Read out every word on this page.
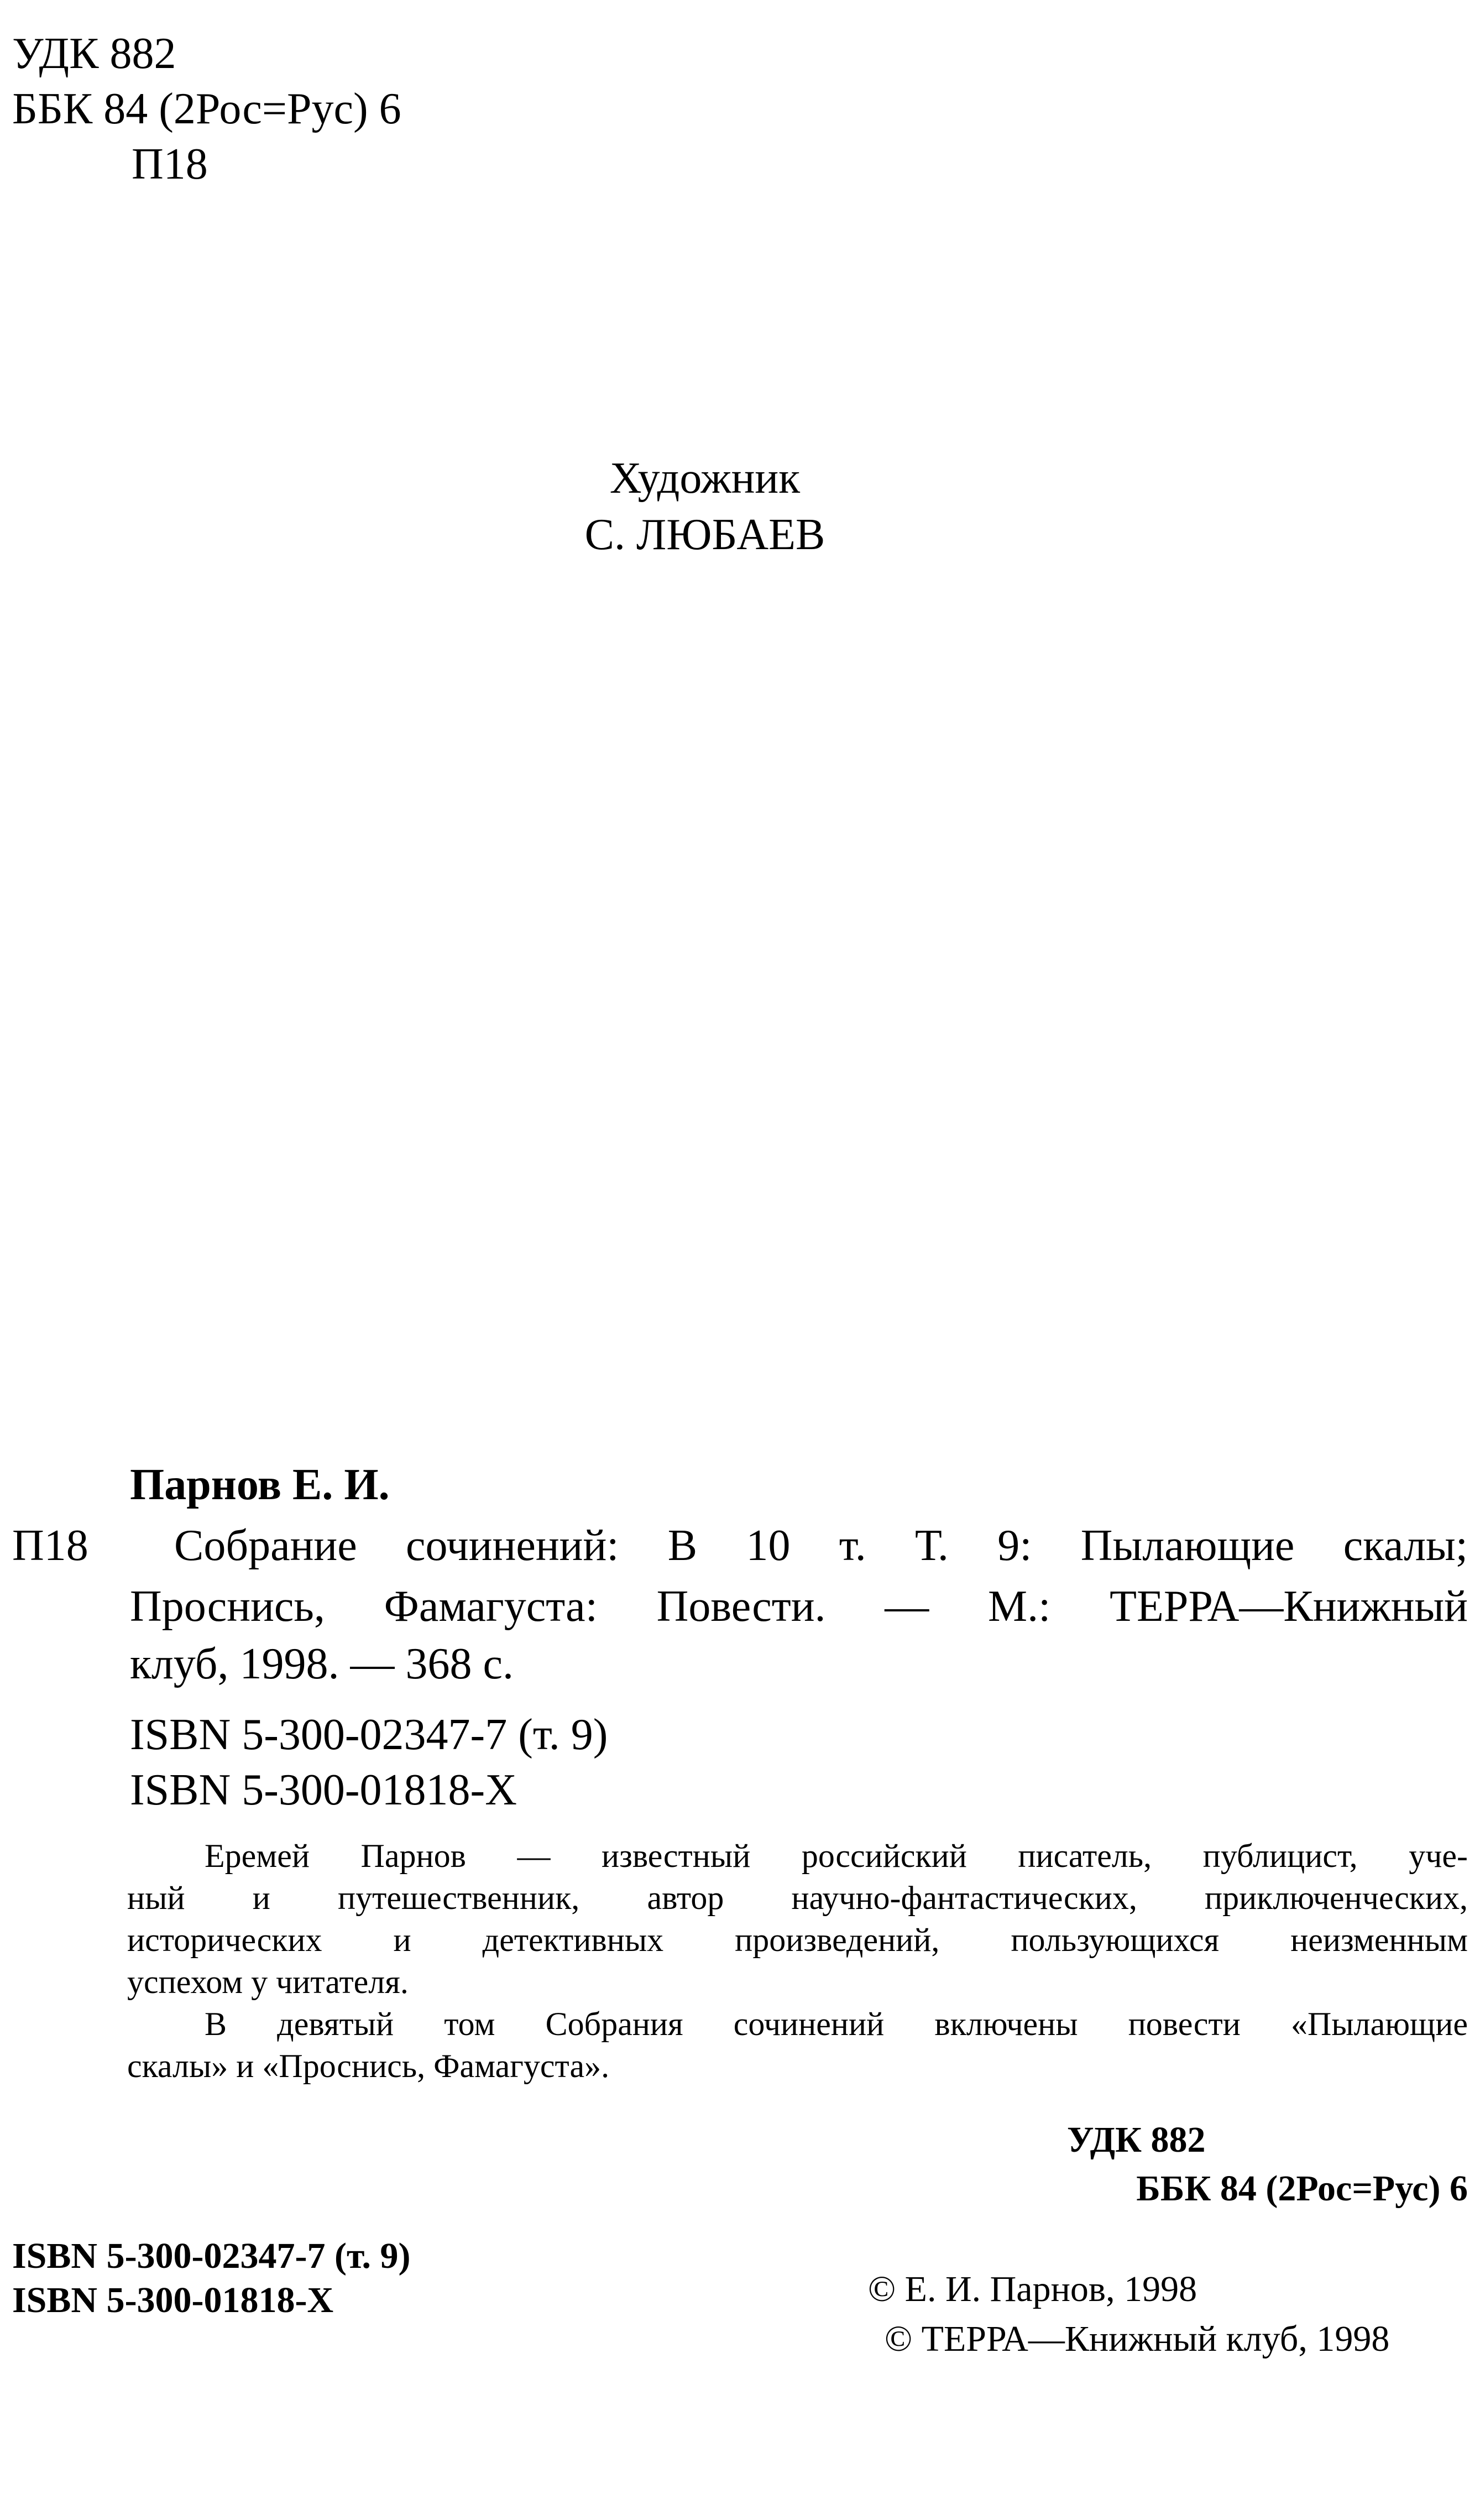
УДК 882
ББК 84 (2Рос=Рус) 6
П18
Художник
С. ЛЮБАЕВ
Парнов Е. И.
П18 Собрание сочинений: В 10 т. Т. 9: Пылающие скалы;
Проснись, Фамагуста: Повести. — М.: ТЕРРА—Книжный
клуб, 1998. — 368 с.
ISBN 5-300-02347-7 (т. 9)
ISBN 5-300-01818-X
Еремей Парнов — известный российский писатель, публицист, уче-
ный и путешественник, автор научно-фантастических, приключенческих,
исторических и детективных произведений, пользующихся неизменным
успехом у читателя.
В девятый том Собрания сочинений включены повести «Пылающие
скалы» и «Проснись, Фамагуста».
УДК 882
ББК 84 (2Рос=Рус) 6
ISBN 5-300-02347-7 (т. 9)
ISBN 5-300-01818-X	© Е. И. Парнов, 1998
© ТЕРРА—Книжный клуб, 1998
